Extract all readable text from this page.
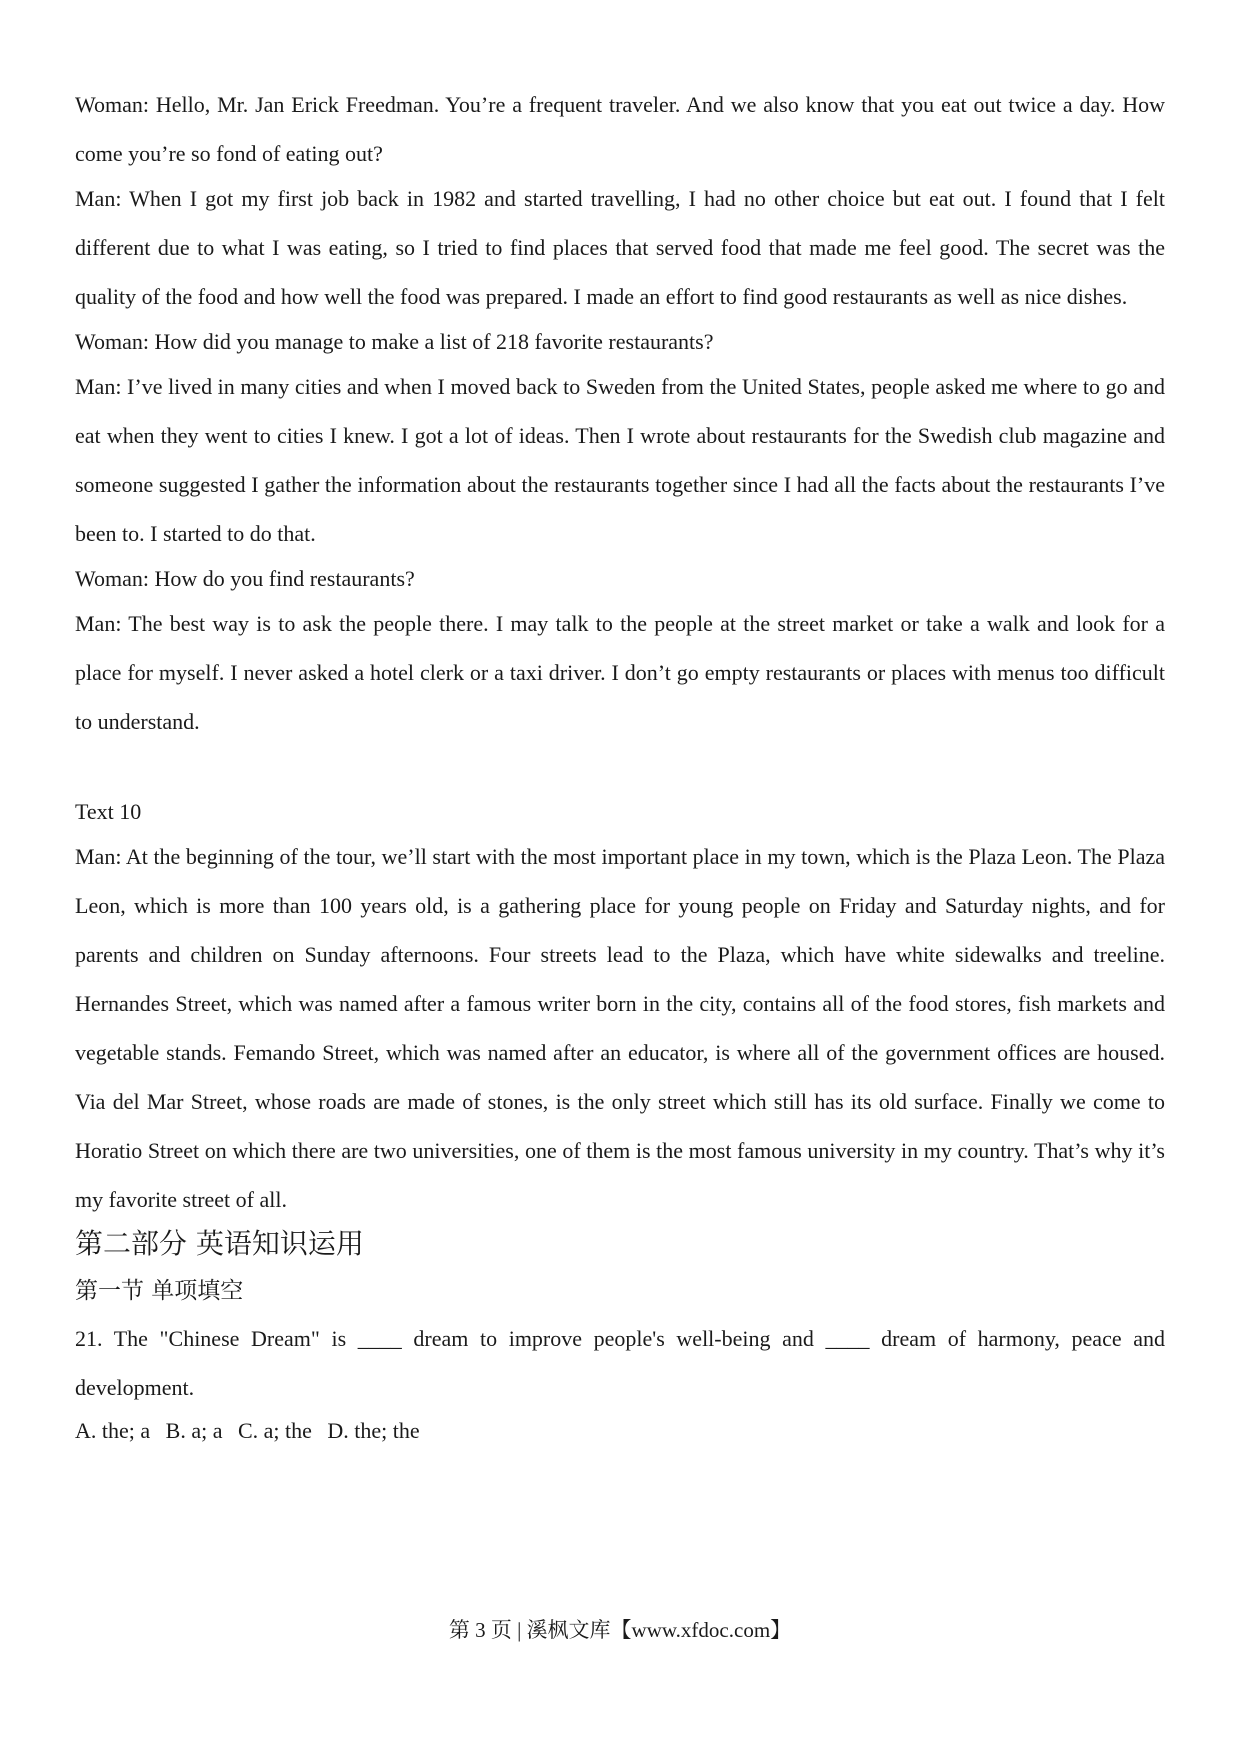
Woman: Hello, Mr. Jan Erick Freedman. You’re a frequent traveler. And we also know that you eat out twice a day. How come you’re so fond of eating out?

Man: When I got my first job back in 1982 and started travelling, I had no other choice but eat out. I found that I felt different due to what I was eating, so I tried to find places that served food that made me feel good. The secret was the quality of the food and how well the food was prepared. I made an effort to find good restaurants as well as nice dishes.

Woman: How did you manage to make a list of 218 favorite restaurants?

Man: I’ve lived in many cities and when I moved back to Sweden from the United States, people asked me where to go and eat when they went to cities I knew. I got a lot of ideas. Then I wrote about restaurants for the Swedish club magazine and someone suggested I gather the information about the restaurants together since I had all the facts about the restaurants I’ve been to. I started to do that.

Woman: How do you find restaurants?

Man: The best way is to ask the people there. I may talk to the people at the street market or take a walk and look for a place for myself. I never asked a hotel clerk or a taxi driver. I don’t go empty restaurants or places with menus too difficult to understand.

Text 10

Man: At the beginning of the tour, we’ll start with the most important place in my town, which is the Plaza Leon. The Plaza Leon, which is more than 100 years old, is a gathering place for young people on Friday and Saturday nights, and for parents and children on Sunday afternoons. Four streets lead to the Plaza, which have white sidewalks and treeline. Hernandes Street, which was named after a famous writer born in the city, contains all of the food stores, fish markets and vegetable stands. Femando Street, which was named after an educator, is where all of the government offices are housed. Via del Mar Street, whose roads are made of stones, is the only street which still has its old surface. Finally we come to Horatio Street on which there are two universities, one of them is the most famous university in my country. That’s why it’s my favorite street of all.

第二部分 英语知识运用
第一节 单项填空

21. The "Chinese Dream" is ____ dream to improve people's well-being and ____ dream of harmony, peace and development.

A. the; a B. a; a C. a; the D. the; the

第 3 页 | 溪枫文库【www.xfdoc.com】
